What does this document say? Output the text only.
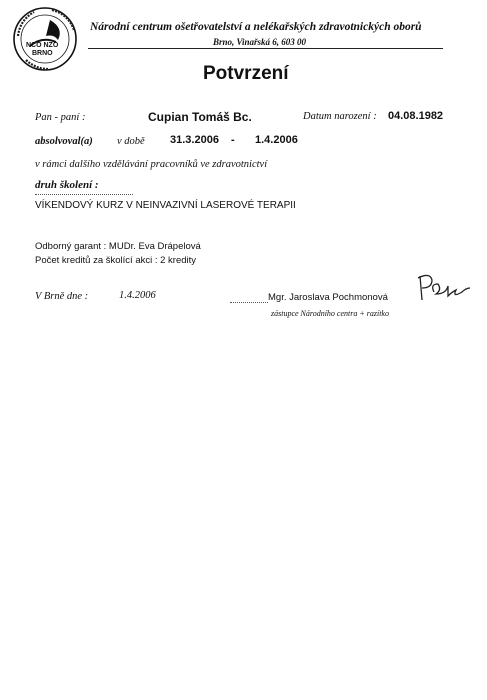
NCO NZO
BRNO
Národní centrum ošetřovatelství a nelékařských zdravotnických oborů
Brno, Vinařská 6, 603 00
Potvrzení
Pan - paní :	Cupian Tomáš Bc.	Datum narození : 04.08.1982
absolvoval(a) v době 31.3.2006 - 1.4.2006
v rámci dalšího vzdělávání pracovníků ve zdravotnictví
druh školení :
VÍKENDOVÝ KURZ V NEINVAZIVNÍ LASEROVÉ TERAPII
Odborný garant : MUDr. Eva Drápelová
Počet kreditů za školící akci : 2 kredity
V Brně dne :	1.4.2006	Mgr. Jaroslava Pochmonová
zástupce Národního centra + razítko
